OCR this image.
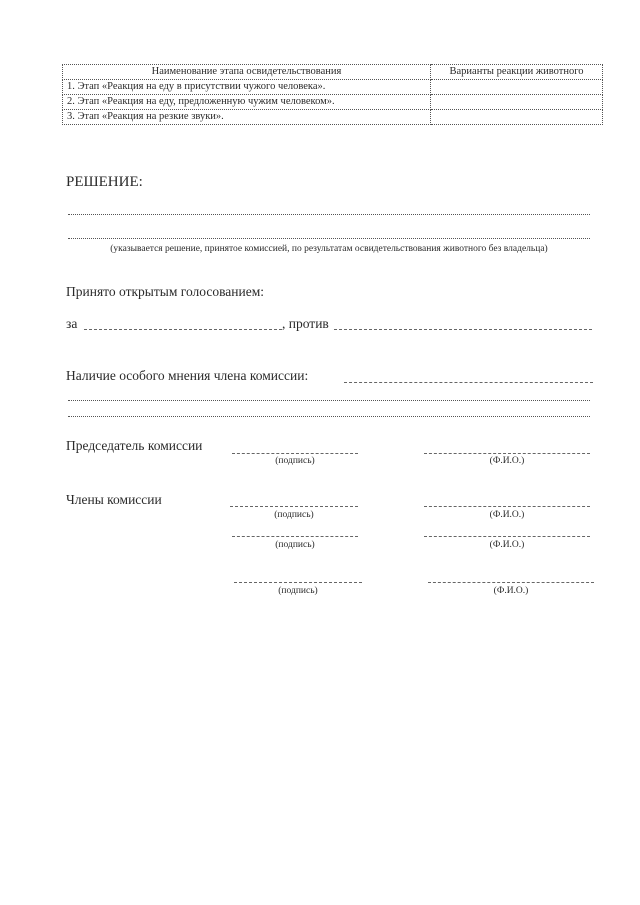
Наименование этапа освидетельствования	Варианты реакции животного
1. Этап «Реакция на еду в присутствии чужого человека».	
2. Этап «Реакция на еду, предложенную чужим человеком».	
3. Этап «Реакция на резкие звуки».	
РЕШЕНИЕ:
(указывается решение, принятое комиссией, по результатам освидетельствования животного без владельца)
Принято открытым голосованием:
за	, против
Наличие особого мнения члена комиссии:
Председатель комиссии
(подпись)	(Ф.И.О.)
Члены комиссии
(подпись)	(Ф.И.О.)
(подпись)	(Ф.И.О.)
(подпись)	(Ф.И.О.)
